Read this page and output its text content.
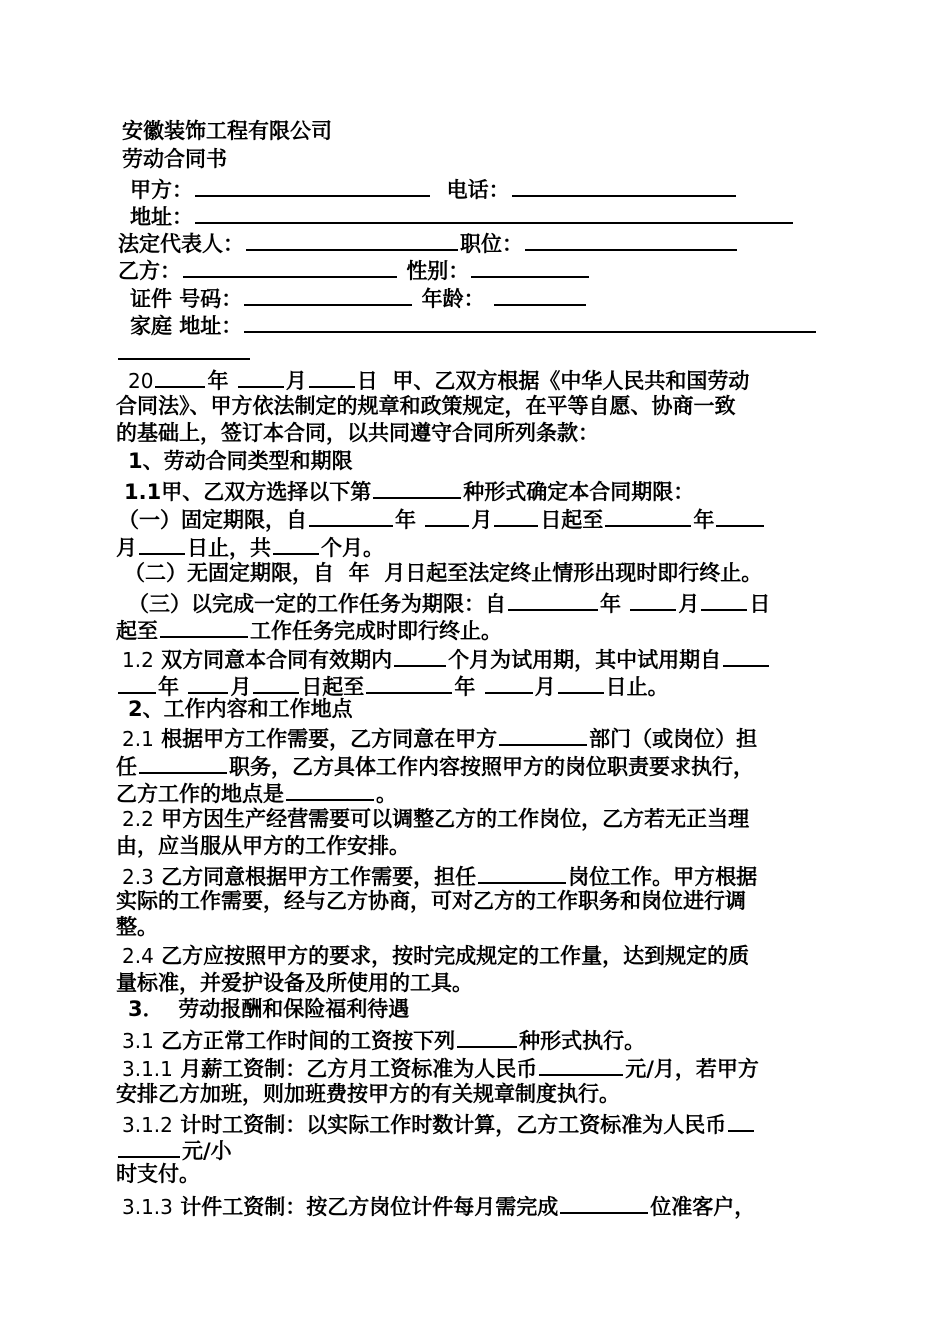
安徽装饰工程有限公司
劳动合同书
甲方：	电话：
地址：
法定代表人：	职位：
乙方：	性别：
证件 号码：	年龄：
家庭 地址：
20	年	月 日  甲、乙双方根据《中华人民共和国劳动
合同法》、甲方依法制定的规章和政策规定，在平等自愿、协商一致
的基础上，签订本合同，以共同遵守合同所列条款：
1、劳动合同类型和期限
1.1甲、乙双方选择以下第	种形式确定本合同期限：
（一）固定期限，自	年	月 日起至	年
月 日止，共 个月。
（二）无固定期限，自  年  月日起至法定终止情形出现时即行终止。
（三）以完成一定的工作任务为期限：自	年	月 日
起至	工作任务完成时即行终止。
1.2 双方同意本合同有效期内	个月为试用期，其中试用期自
年 月 日起至	年	月 日止。
2、工作内容和工作地点
2.1 根据甲方工作需要，乙方同意在甲方	部门（或岗位）担
任	职务，乙方具体工作内容按照甲方的岗位职责要求执行，
乙方工作的地点是	。
2.2 甲方因生产经营需要可以调整乙方的工作岗位，乙方若无正当理
由，应当服从甲方的工作安排。
2.3 乙方同意根据甲方工作需要，担任	岗位工作。甲方根据
实际的工作需要，经与乙方协商，可对乙方的工作职务和岗位进行调
整。
2.4 乙方应按照甲方的要求，按时完成规定的工作量，达到规定的质
量标准，并爱护设备及所使用的工具。
3．  劳动报酬和保险福利待遇
3.1 乙方正常工作时间的工资按下列	种形式执行。
3.1.1 月薪工资制：乙方月工资标准为人民币	元/月，若甲方
安排乙方加班，则加班费按甲方的有关规章制度执行。
3.1.2 计时工资制：以实际工作时数计算，乙方工资标准为人民币
元/小
时支付。
3.1.3 计件工资制：按乙方岗位计件每月需完成	位准客户，
